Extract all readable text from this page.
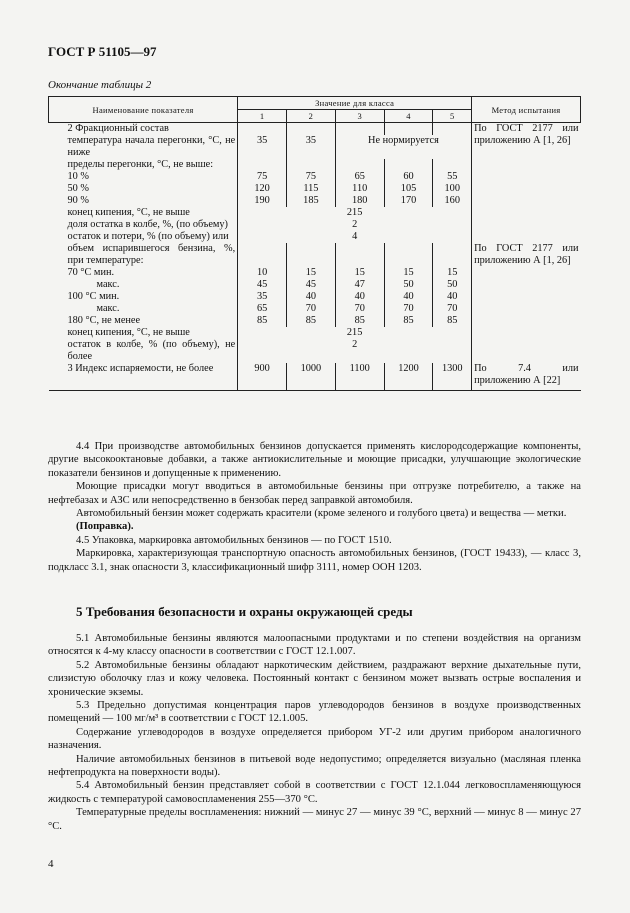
ГОСТ Р 51105—97
Окончание таблицы 2
Наименование показателя	Значение для класса					Метод испытания
	1	2	3	4	5	
2 Фракционный состав						По ГОСТ 2177 или приложению А [1, 26]

температура начала перегонки, °С, не ниже	35	35	Не нормируется			
пределы перегонки, °С, не выше:						
10 %	75	75	65	60	55	
50 %	120	115	110	105	100	
90 %	190	185	180	170	160	
конец кипения, °С, не выше	215					
доля остатка в колбе, %, (по объему)	2					
остаток и потери, % (по объему) или	4					
объем испарившегося бензина, %, при температуре:						По ГОСТ 2177 или приложению А [1, 26]
70 °С мин.	10	15	15	15	15	
макс.	45	45	47	50	50	
100 °С мин.	35	40	40	40	40	
макс.	65	70	70	70	70	
180 °С, не менее	85	85	85	85	85	
конец кипения, °С, не выше	215					
остаток в колбе, % (по объему), не более	2					
3 Индекс испаряемости, не более	900	1000	1100	1200	1300	По 7.4 или приложению А [22]

4.4 При производстве автомобильных бензинов допускается применять кислородсодержащие компоненты, другие высокооктановые добавки, а также антиокислительные и моющие присадки, улучшающие экологические показатели бензинов и допущенные к применению.

Моющие присадки могут вводиться в автомобильные бензины при отгрузке потребителю, а также на нефтебазах и АЗС или непосредственно в бензобак перед заправкой автомобиля.

Автомобильный бензин может содержать красители (кроме зеленого и голубого цвета) и вещества — метки.

(Поправка).

4.5 Упаковка, маркировка автомобильных бензинов — по ГОСТ 1510.

Маркировка, характеризующая транспортную опасность автомобильных бензинов, (ГОСТ 19433), — класс 3, подкласс 3.1, знак опасности 3, классификационный шифр 3111, номер ООН 1203.

5 Требования безопасности и охраны окружающей среды

5.1 Автомобильные бензины являются малоопасными продуктами и по степени воздействия на организм относятся к 4-му классу опасности в соответствии с ГОСТ 12.1.007.

5.2 Автомобильные бензины обладают наркотическим действием, раздражают верхние дыхательные пути, слизистую оболочку глаз и кожу человека. Постоянный контакт с бензином может вызвать острые воспаления и хронические экземы.

5.3 Предельно допустимая концентрация паров углеводородов бензинов в воздухе производственных помещений — 100 мг/м³ в соответствии с ГОСТ 12.1.005.

Содержание углеводородов в воздухе определяется прибором УГ-2 или другим прибором аналогичного назначения.

Наличие автомобильных бензинов в питьевой воде недопустимо; определяется визуально (масляная пленка нефтепродукта на поверхности воды).

5.4 Автомобильный бензин представляет собой в соответствии с ГОСТ 12.1.044 легковоспламеняющуюся жидкость с температурой самовоспламенения 255—370 °С.

Температурные пределы воспламенения: нижний — минус 27 — минус 39 °С, верхний — минус 8 — минус 27 °С.

4
